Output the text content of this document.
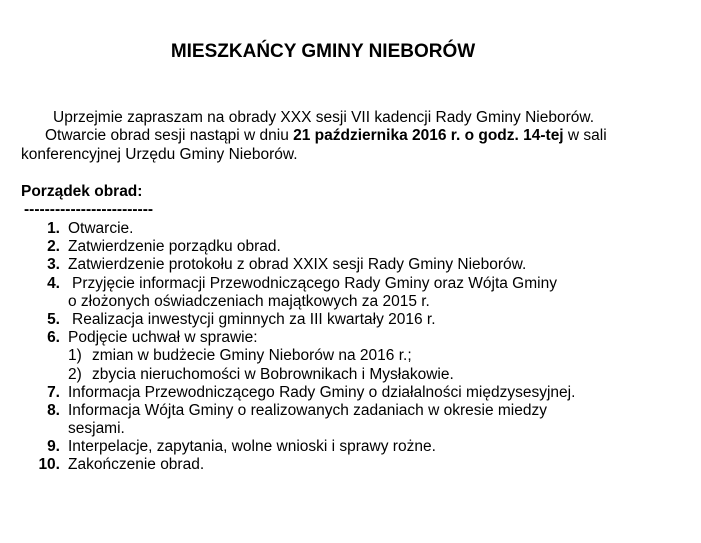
MIESZKAŃCY GMINY NIEBORÓW
Uprzejmie zapraszam na obrady XXX sesji VII kadencji Rady Gminy Nieborów.
Otwarcie obrad sesji nastąpi w dniu 21 października 2016 r. o godz. 14-tej w sali
konferencyjnej Urzędu Gminy Nieborów.
Porządek obrad:
-------------------------
1. Otwarcie.
2. Zatwierdzenie porządku obrad.
3. Zatwierdzenie protokołu z obrad XXIX sesji Rady Gminy Nieborów.
4. Przyjęcie informacji Przewodniczącego Rady Gminy oraz Wójta Gminy
o złożonych oświadczeniach majątkowych za 2015 r.
5. Realizacja inwestycji gminnych za III kwartały 2016 r.
6. Podjęcie uchwał w sprawie:
1) zmian w budżecie Gminy Nieborów na 2016 r.;
2) zbycia nieruchomości w Bobrownikach i Mysłakowie.
7. Informacja Przewodniczącego Rady Gminy o działalności międzysesyjnej.
8. Informacja Wójta Gminy o realizowanych zadaniach w okresie miedzy
sesjami.
9. Interpelacje, zapytania, wolne wnioski i sprawy rożne.
10. Zakończenie obrad.
